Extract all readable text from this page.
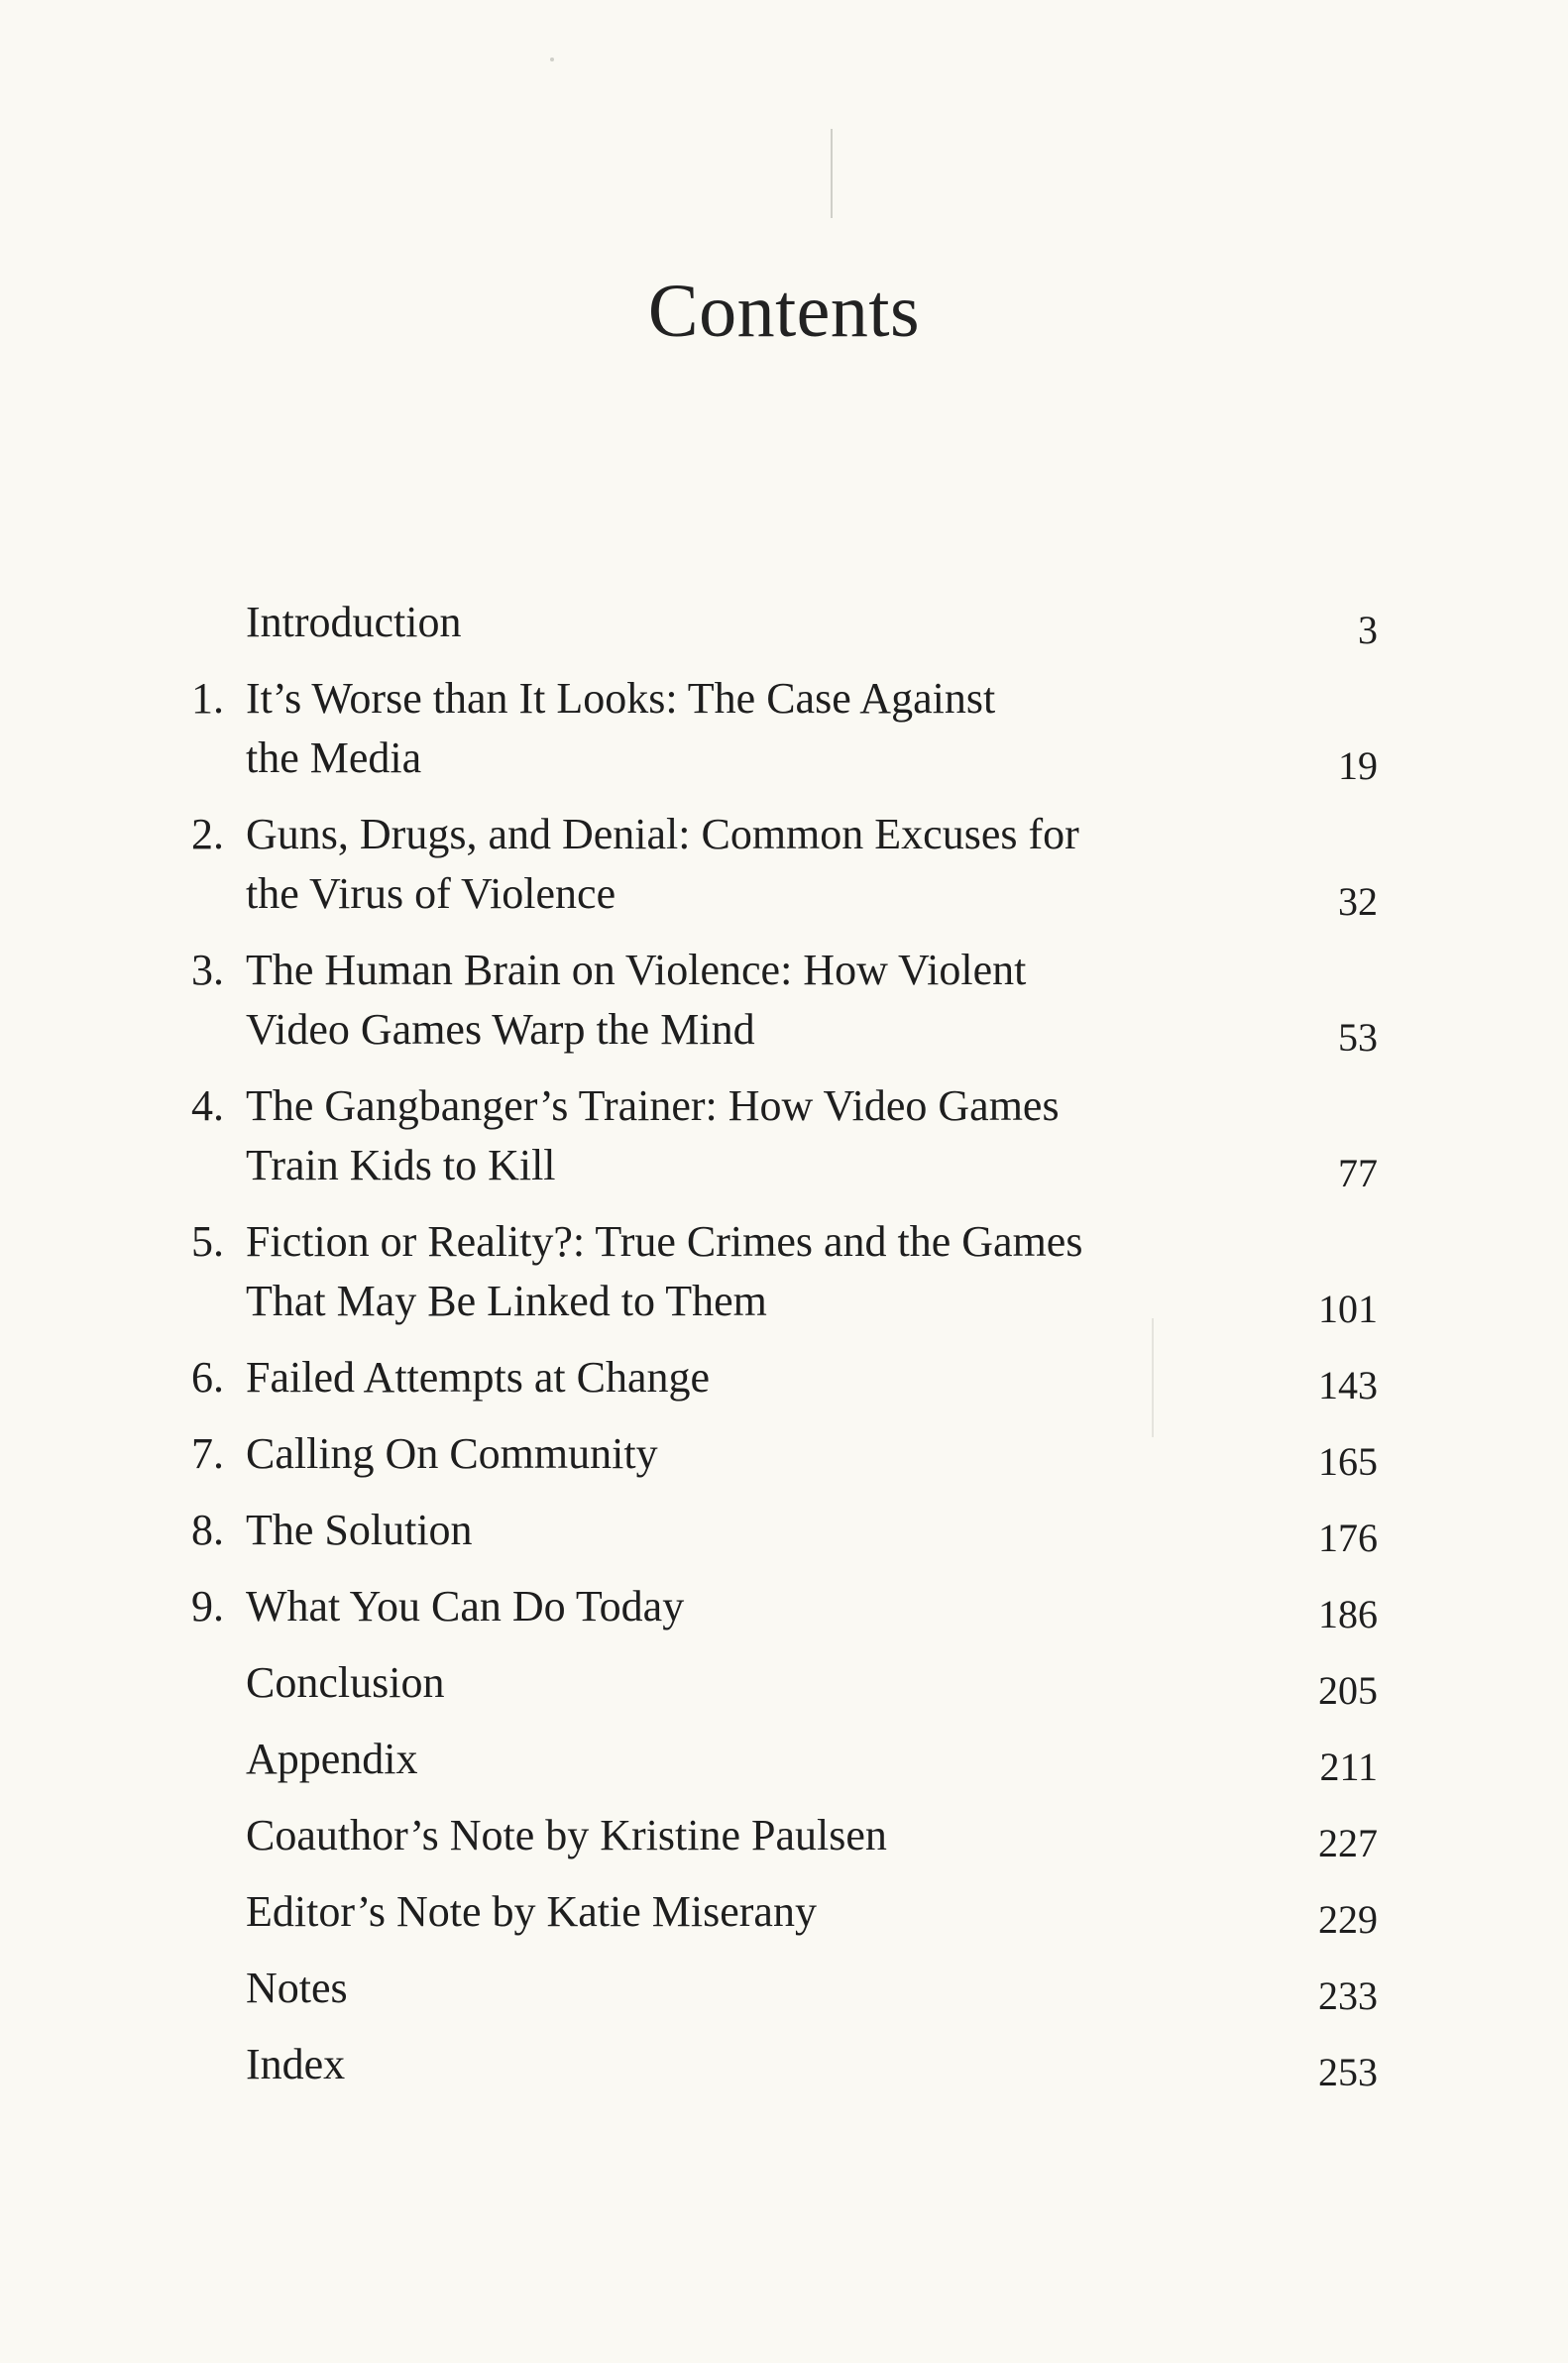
Contents
Introduction	3
1. It’s Worse than It Looks: The Case Against
the Media	19
2. Guns, Drugs, and Denial: Common Excuses for
the Virus of Violence	32
3. The Human Brain on Violence: How Violent
Video Games Warp the Mind	53
4. The Gangbanger’s Trainer: How Video Games
Train Kids to Kill	77
5. Fiction or Reality?: True Crimes and the Games
That May Be Linked to Them	101
6. Failed Attempts at Change	143
7. Calling On Community	165
8. The Solution	176
9. What You Can Do Today	186
Conclusion	205
Appendix	211
Coauthor’s Note by Kristine Paulsen	227
Editor’s Note by Katie Miserany	229
Notes	233
Index	253
